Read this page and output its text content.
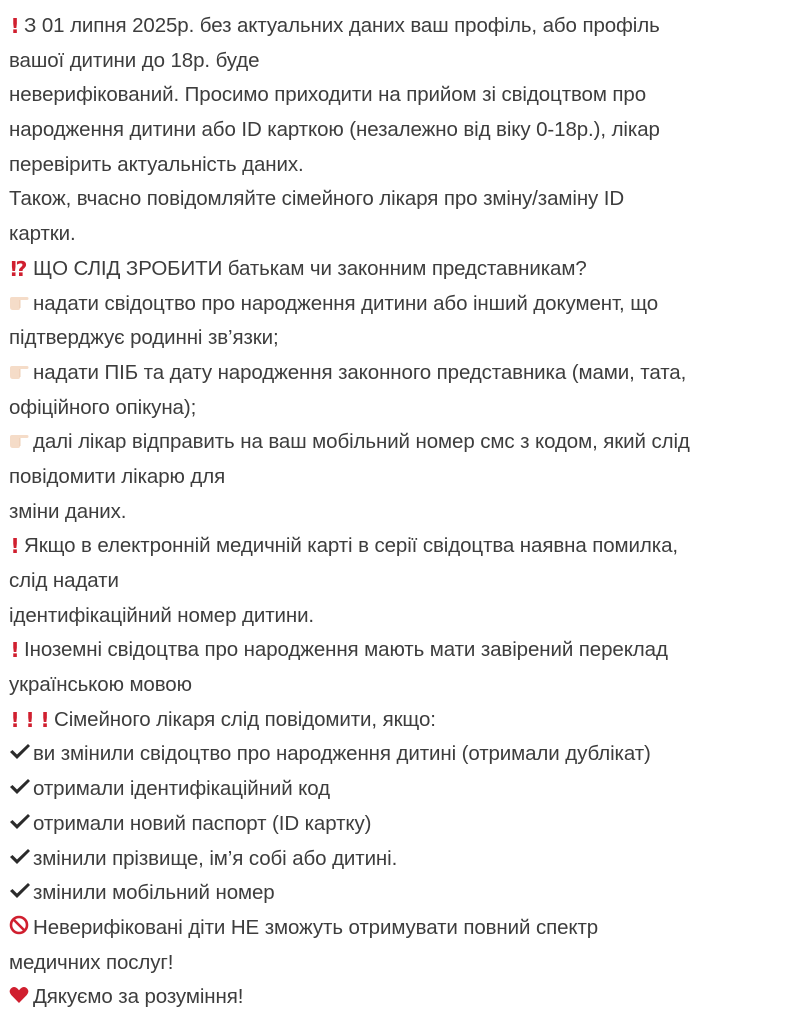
! З 01 липня 2025р. без актуальних даних ваш профіль, або профіль
вашої дитини до 18р. буде
неверифікований. Просимо приходити на прийом зі свідоцтвом про
народження дитини або ID карткою (незалежно від віку 0-18р.), лікар
перевірить актуальність даних.
Також, вчасно повідомляйте сімейного лікаря про зміну/заміну ID
картки.
⁉ ЩО СЛІД ЗРОБИТИ батькам чи законним представникам?
надати свідоцтво про народження дитини або інший документ, що
підтверджує родинні зв’язки;
надати ПІБ та дату народження законного представника (мами, тата,
офіційного опікуна);
далі лікар відправить на ваш мобільний номер смс з кодом, який слід
повідомити лікарю для
зміни даних.
! Якщо в електронній медичній карті в серії свідоцтва наявна помилка,
слід надати
ідентифікаційний номер дитини.
! Іноземні свідоцтва про народження мають мати завірений переклад
українською мовою
! ! ! Сімейного лікаря слід повідомити, якщо:
ви змінили свідоцтво про народження дитині (отримали дублікат)
отримали ідентифікаційний код
отримали новий паспорт (ID картку)
змінили прізвище, ім’я собі або дитині.
змінили мобільний номер
Неверифіковані діти НЕ зможуть отримувати повний спектр
медичних послуг!
Дякуємо за розуміння!
